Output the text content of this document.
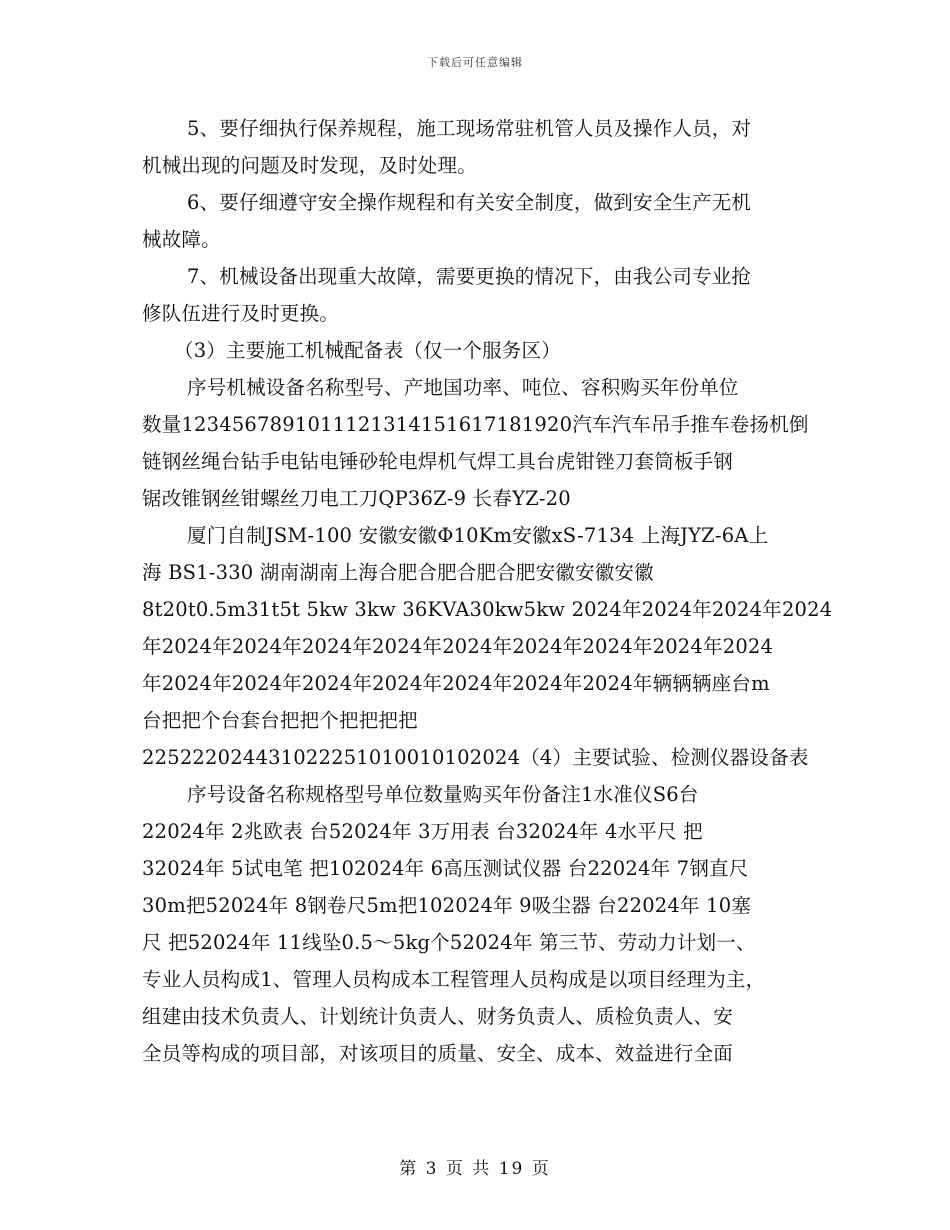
下载后可任意编辑
5、要仔细执行保养规程，施工现场常驻机管人员及操作人员，对
机械出现的问题及时发现，及时处理。
6、要仔细遵守安全操作规程和有关安全制度，做到安全生产无机
械故障。
7、机械设备出现重大故障，需要更换的情况下，由我公司专业抢
修队伍进行及时更换。
（3）主要施工机械配备表（仅一个服务区）
序号机械设备名称型号、产地国功率、吨位、容积购买年份单位
数量1234567891011121314151617181920汽车汽车吊手推车卷扬机倒
链钢丝绳台钻手电钻电锤砂轮电焊机气焊工具台虎钳锉刀套筒板手钢
锯改锥钢丝钳螺丝刀电工刀QP36Z-9 长春YZ-20
厦门自制JSM-100 安徽安徽Φ10Km安徽xS-7134 上海JYZ-6A上
海 BS1-330 湖南湖南上海合肥合肥合肥合肥安徽安徽安徽
8t20t0.5m31t5t 5kw 3kw 36KVA30kw5kw 2024年2024年2024年2024
年2024年2024年2024年2024年2024年2024年2024年2024年2024
年2024年2024年2024年2024年2024年2024年2024年辆辆辆座台m
台把把个台套台把把个把把把把
2252220244310222510100101020​24（4）主要试验、检测仪器设备表
序号设备名称规格型号单位数量购买年份备注1水准仪S6台
22024年 2兆欧表 台52024年 3万用表 台32024年 4水平尺 把
32024年 5试电笔 把102024年 6高压测试仪器 台22024年 7钢直尺
30m把52024年 8钢卷尺5m把102024年 9吸尘器 台22024年 10塞
尺 把52024年 11线坠0.5～5kg个52024年 第三节、劳动力计划一、
专业人员构成1、管理人员构成本工程管理人员构成是以项目经理为主，
组建由技术负责人、计划统计负责人、财务负责人、质检负责人、安
全员等构成的项目部，对该项目的质量、安全、成本、效益进行全面
第 3 页 共 19 页
